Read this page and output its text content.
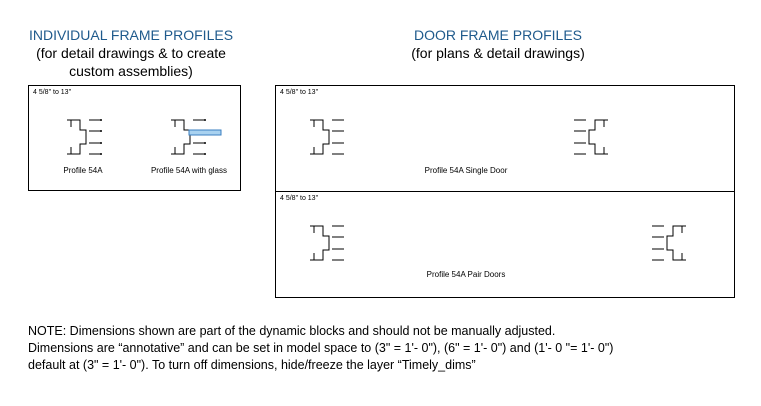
INDIVIDUAL FRAME PROFILES
(for detail drawings & to create
custom assemblies)
DOOR FRAME PROFILES
(for plans & detail drawings)
4 5/8" to 13"
Profile 54A	Profile 54A with glass
4 5/8" to 13"
Profile 54A Single Door
4 5/8" to 13"
Profile 54A Pair Doors
NOTE: Dimensions shown are part of the dynamic blocks and should not be manually adjusted.
Dimensions are “annotative” and can be set in model space to (3" = 1'- 0"), (6" = 1'- 0") and (1'- 0 "= 1'- 0")
default at (3" = 1'- 0"). To turn off dimensions, hide/freeze the layer “Timely_dims”
